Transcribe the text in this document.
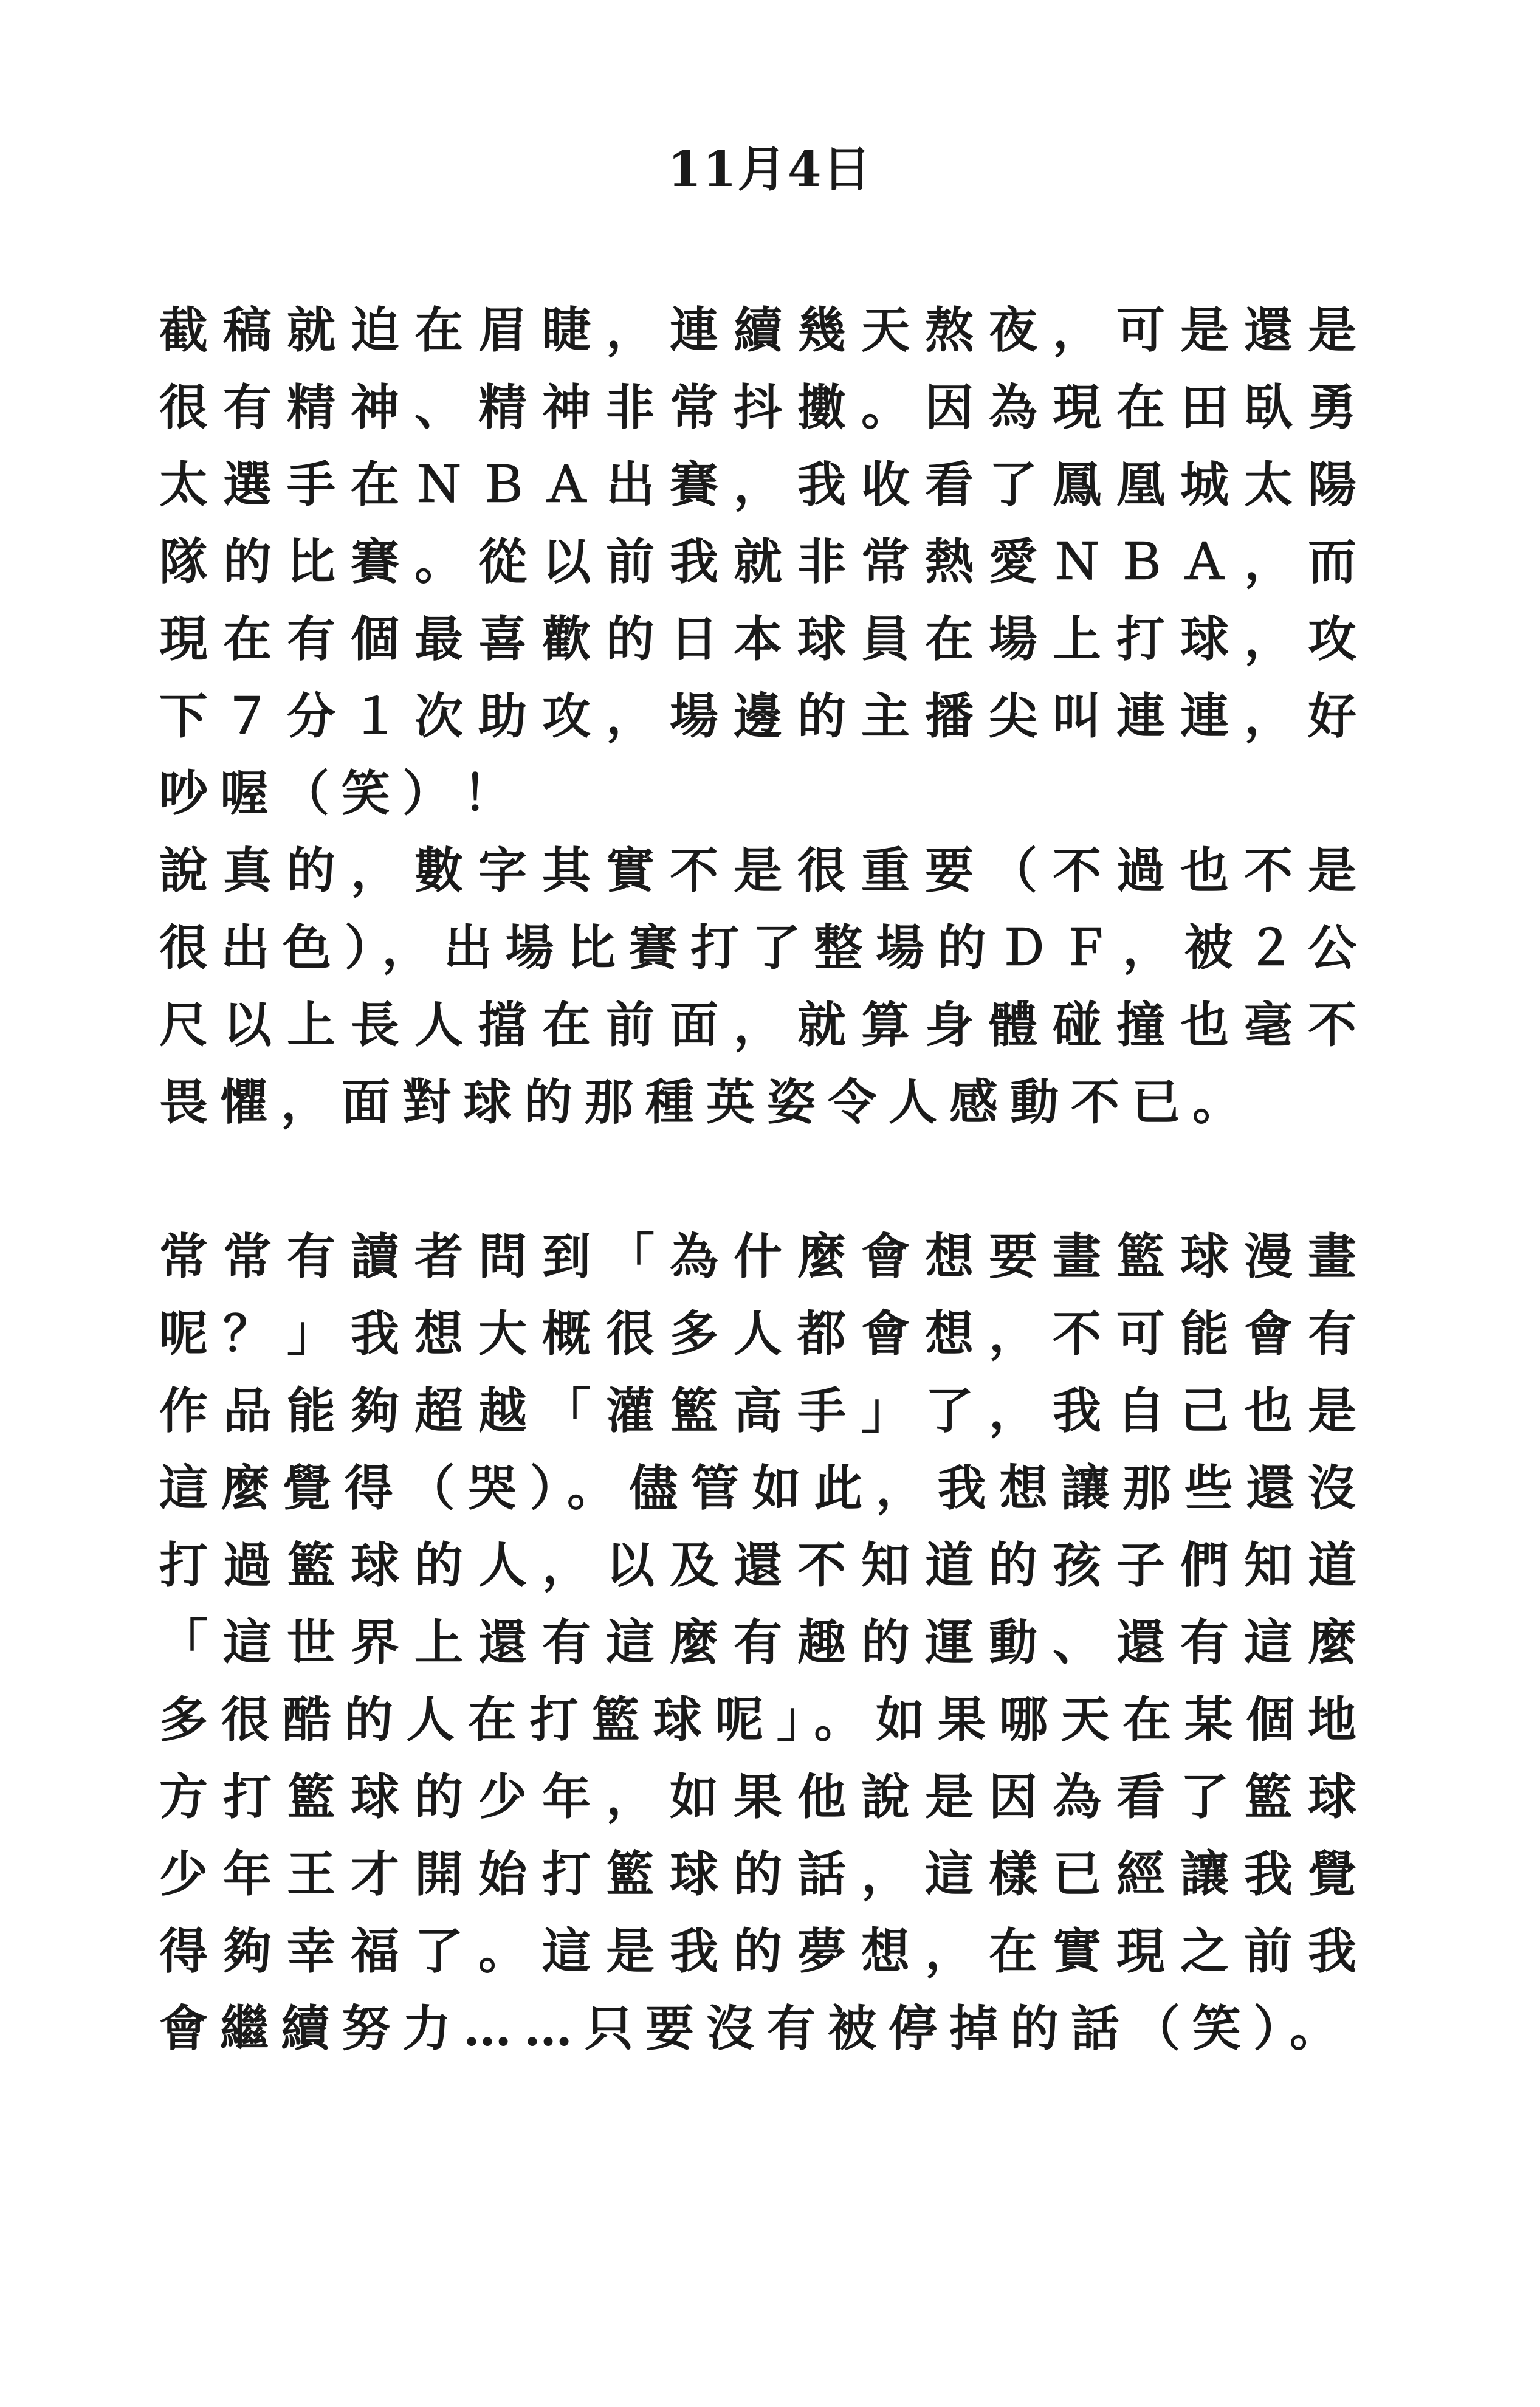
11月4日

截稿就迫在眉睫，連續幾天熬夜，可是還是很有精神、精神非常抖擻。因為現在田臥勇太選手在ＮＢＡ出賽，我收看了鳳凰城太陽隊的比賽。從以前我就非常熱愛ＮＢＡ，而現在有個最喜歡的日本球員在場上打球，攻下７分１次助攻，場邊的主播尖叫連連，好吵喔（笑）！

說真的，數字其實不是很重要（不過也不是很出色），出場比賽打了整場的ＤＦ，被２公尺以上長人擋在前面，就算身體碰撞也毫不畏懼，面對球的那種英姿令人感動不已。

常常有讀者問到「為什麼會想要畫籃球漫畫呢？」我想大概很多人都會想，不可能會有作品能夠超越「灌籃高手」了，我自己也是這麼覺得（哭）。儘管如此，我想讓那些還沒打過籃球的人，以及還不知道的孩子們知道「這世界上還有這麼有趣的運動、還有這麼多很酷的人在打籃球呢」。如果哪天在某個地方打籃球的少年，如果他說是因為看了籃球少年王才開始打籃球的話，這樣已經讓我覺得夠幸福了。這是我的夢想，在實現之前我會繼續努力……只要沒有被停掉的話（笑）。
